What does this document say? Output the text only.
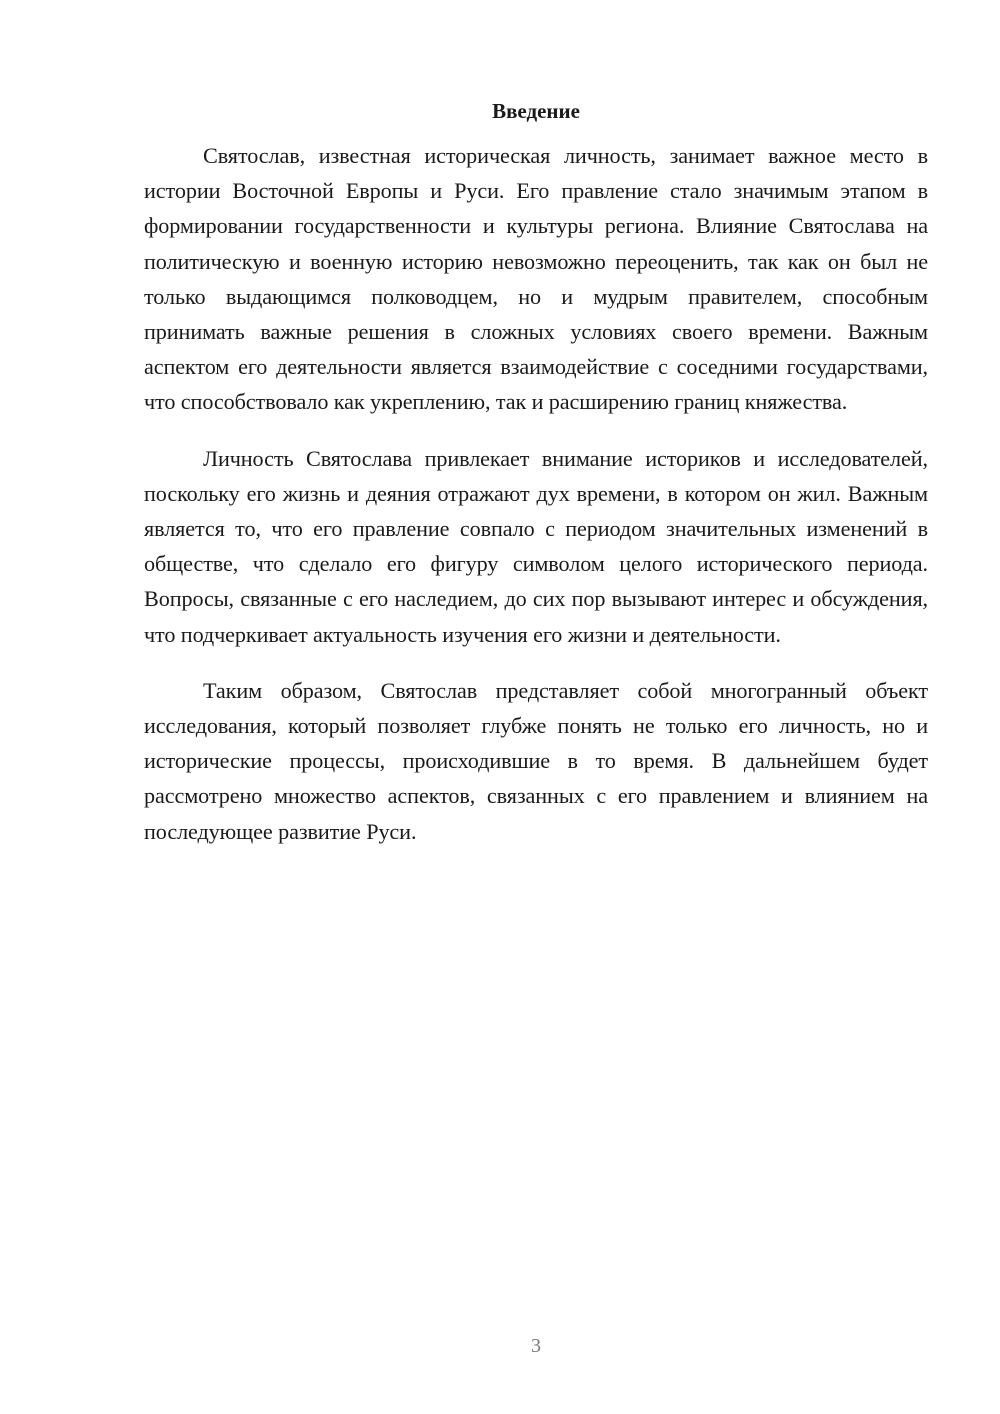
Введение

Святослав, известная историческая личность, занимает важное место в истории Восточной Европы и Руси. Его правление стало значимым этапом в формировании государственности и культуры региона. Влияние Святослава на политическую и военную историю невозможно переоценить, так как он был не только выдающимся полководцем, но и мудрым правителем, способным принимать важные решения в сложных условиях своего времени. Важным аспектом его деятельности является взаимодействие с соседними государствами, что способствовало как укреплению, так и расширению границ княжества.

Личность Святослава привлекает внимание историков и исследователей, поскольку его жизнь и деяния отражают дух времени, в котором он жил. Важным является то, что его правление совпало с периодом значительных изменений в обществе, что сделало его фигуру символом целого исторического периода. Вопросы, связанные с его наследием, до сих пор вызывают интерес и обсуждения, что подчеркивает актуальность изучения его жизни и деятельности.

Таким образом, Святослав представляет собой многогранный объект исследования, который позволяет глубже понять не только его личность, но и исторические процессы, происходившие в то время. В дальнейшем будет рассмотрено множество аспектов, связанных с его правлением и влиянием на последующее развитие Руси.

3
